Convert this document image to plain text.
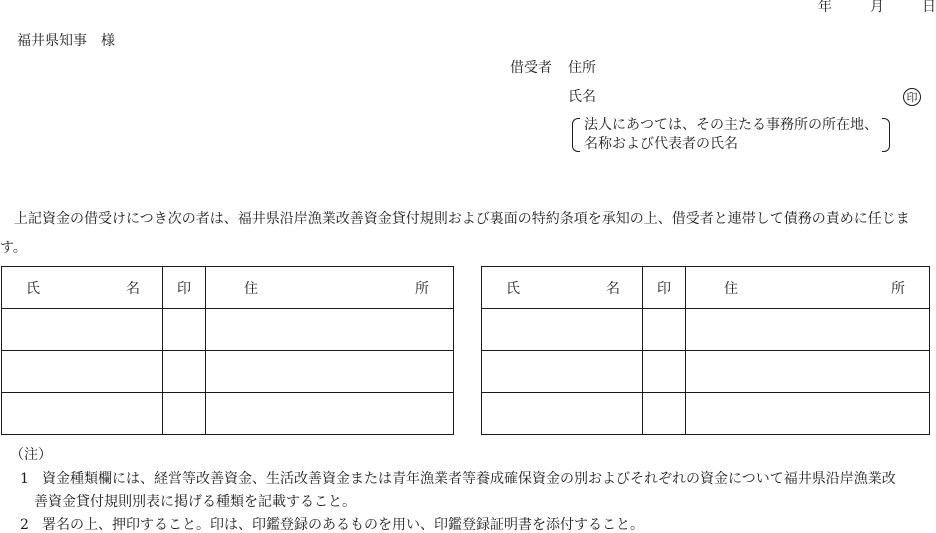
年	月	日
福井県知事　様
借受者 住所
氏名	印
法人にあつては、その主たる事務所の所在地、
名称および代表者の氏名
上記資金の借受けにつき次の者は、福井県沿岸漁業改善資金貸付規則および裏面の特約条項を承知の上、借受者と連帯して債務の責めに任じます。
氏 名	印	住 所

			氏 名	印	住 所

（注）
1 資金種類欄には、経営等改善資金、生活改善資金または青年漁業者等養成確保資金の別およびそれぞれの資金について福井県沿岸漁業改
善資金貸付規則別表に掲げる種類を記載すること。
2 署名の上、押印すること。印は、印鑑登録のあるものを用い、印鑑登録証明書を添付すること。
